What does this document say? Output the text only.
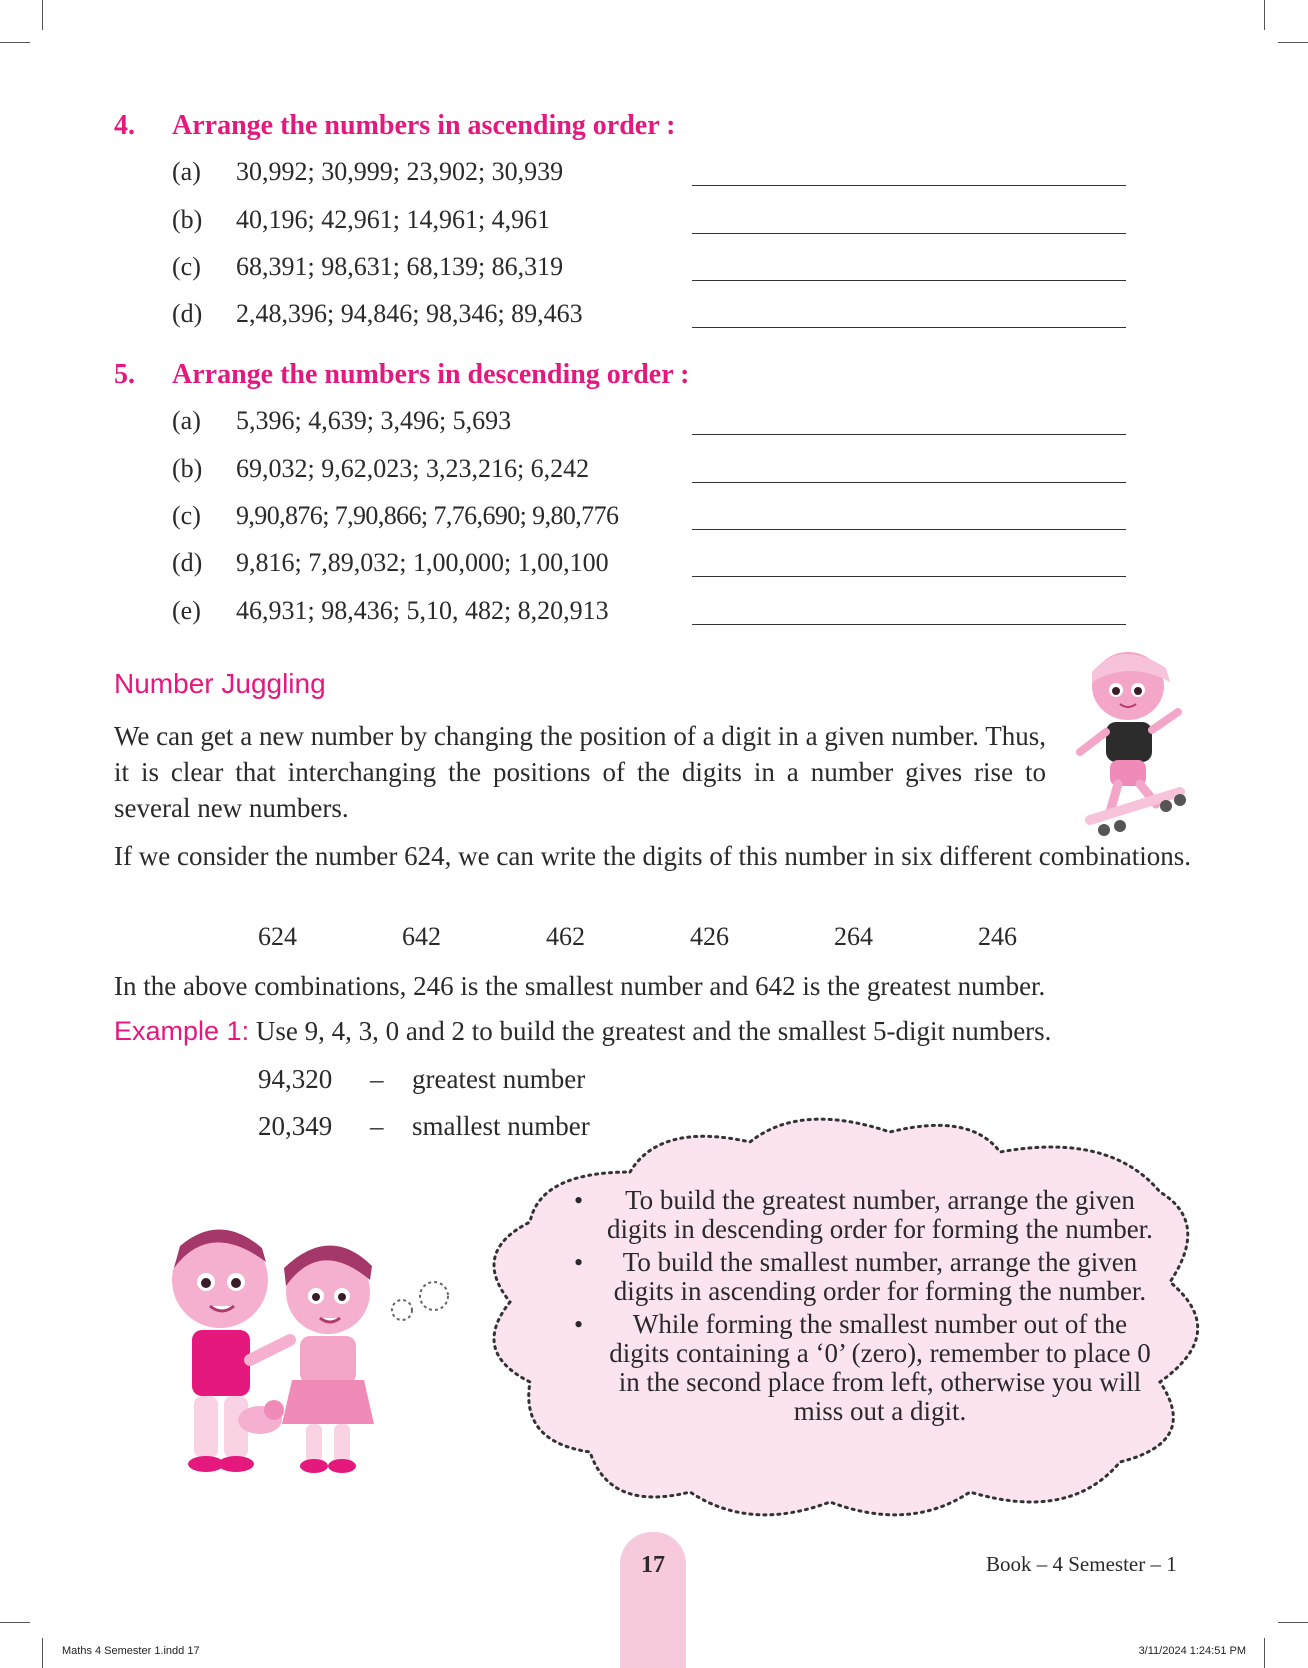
4. Arrange the numbers in ascending order :
(a) 30,992; 30,999; 23,902; 30,939
(b) 40,196; 42,961; 14,961; 4,961
(c) 68,391; 98,631; 68,139; 86,319
(d) 2,48,396; 94,846; 98,346; 89,463
5. Arrange the numbers in descending order :
(a) 5,396; 4,639; 3,496; 5,693
(b) 69,032; 9,62,023; 3,23,216; 6,242
(c) 9,90,876; 7,90,866; 7,76,690; 9,80,776
(d) 9,816; 7,89,032; 1,00,000; 1,00,100
(e) 46,931; 98,436; 5,10, 482; 8,20,913
Number Juggling
We can get a new number by changing the position of a digit in a given number. Thus, it is clear that interchanging the positions of the digits in a number gives rise to several new numbers.
If we consider the number 624, we can write the digits of this number in six different combinations.
624	642	462	426	264	246
In the above combinations, 246 is the smallest number and 642 is the greatest number.
Example 1: Use 9, 4, 3, 0 and 2 to build the greatest and the smallest 5-digit numbers.
94,320 – greatest number
20,349 – smallest number
•	To build the greatest number, arrange the given digits in descending order for forming the number.
•	To build the smallest number, arrange the given digits in ascending order for forming the number.
•	While forming the smallest number out of the digits containing a ‘0’ (zero), remember to place 0 in the second place from left, otherwise you will miss out a digit.
17	Book – 4 Semester – 1
Maths 4 Semester 1.indd 17	3/11/2024 1:24:51 PM
